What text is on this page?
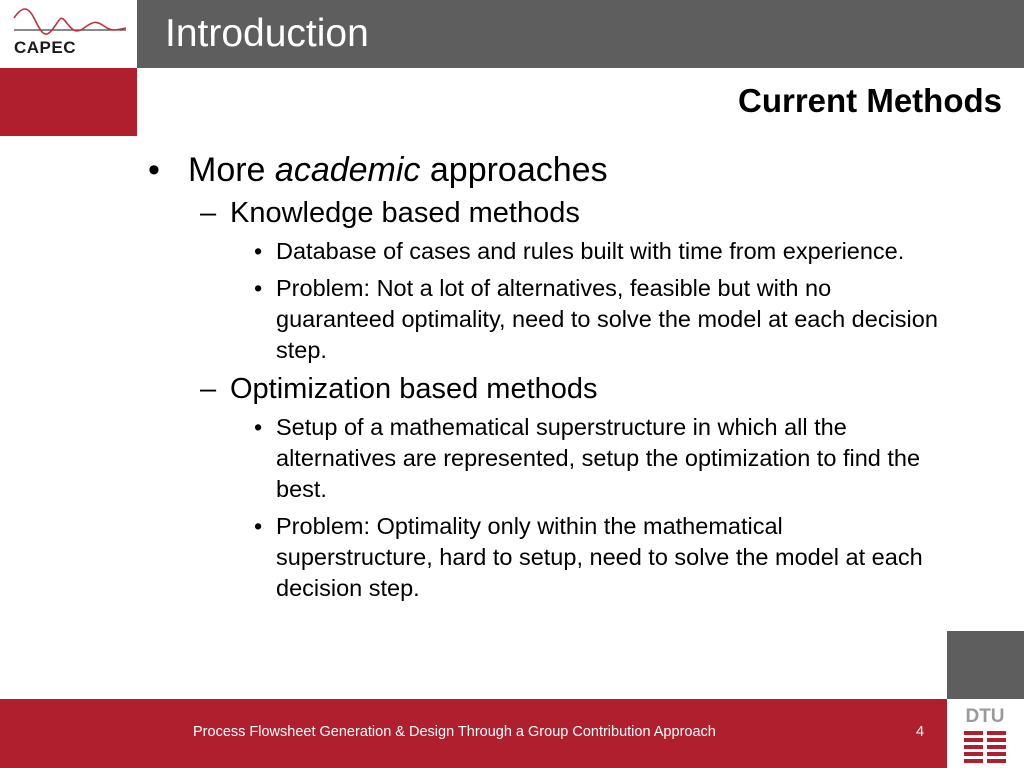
CAPEC Introduction
Current Methods
• More academic approaches
– Knowledge based methods
• Database of cases and rules built with time from experience.
• Problem: Not a lot of alternatives, feasible but with no guaranteed optimality, need to solve the model at each decision step.
– Optimization based methods
• Setup of a mathematical superstructure in which all the alternatives are represented, setup the optimization to find the best.
• Problem: Optimality only within the mathematical superstructure, hard to setup, need to solve the model at each decision step.
Process Flowsheet Generation & Design Through a Group Contribution Approach	4
DTU
